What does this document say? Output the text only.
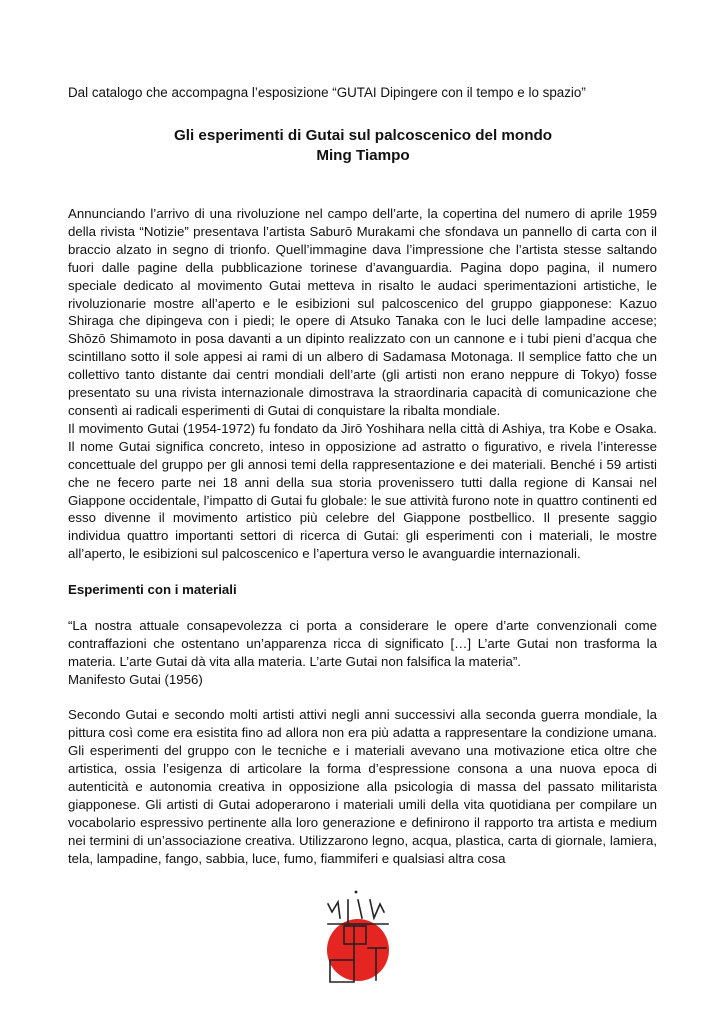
Dal catalogo che accompagna l’esposizione “GUTAI Dipingere con il tempo e lo spazio”
Gli esperimenti di Gutai sul palcoscenico del mondo
Ming Tiampo

Annunciando l’arrivo di una rivoluzione nel campo dell’arte, la copertina del numero di aprile 1959 della rivista “Notizie” presentava l’artista Saburō Murakami che sfondava un pannello di carta con il braccio alzato in segno di trionfo. Quell’immagine dava l’impressione che l’artista stesse saltando fuori dalle pagine della pubblicazione torinese d’avanguardia. Pagina dopo pagina, il numero speciale dedicato al movimento Gutai metteva in risalto le audaci sperimentazioni artistiche, le rivoluzionarie mostre all’aperto e le esibizioni sul palcoscenico del gruppo giapponese: Kazuo Shiraga che dipingeva con i piedi; le opere di Atsuko Tanaka con le luci delle lampadine accese; Shōzō Shimamoto in posa davanti a un dipinto realizzato con un cannone e i tubi pieni d’acqua che scintillano sotto il sole appesi ai rami di un albero di Sadamasa Motonaga. Il semplice fatto che un collettivo tanto distante dai centri mondiali dell’arte (gli artisti non erano neppure di Tokyo) fosse presentato su una rivista internazionale dimostrava la straordinaria capacità di comunicazione che consentì ai radicali esperimenti di Gutai di conquistare la ribalta mondiale.

Il movimento Gutai (1954-1972) fu fondato da Jirō Yoshihara nella città di Ashiya, tra Kobe e Osaka. Il nome Gutai significa concreto, inteso in opposizione ad astratto o figurativo, e rivela l’interesse concettuale del gruppo per gli annosi temi della rappresentazione e dei materiali. Benché i 59 artisti che ne fecero parte nei 18 anni della sua storia provenissero tutti dalla regione di Kansai nel Giappone occidentale, l’impatto di Gutai fu globale: le sue attività furono note in quattro continenti ed esso divenne il movimento artistico più celebre del Giappone postbellico. Il presente saggio individua quattro importanti settori di ricerca di Gutai: gli esperimenti con i materiali, le mostre all’aperto, le esibizioni sul palcoscenico e l’apertura verso le avanguardie internazionali.

Esperimenti con i materiali

“La nostra attuale consapevolezza ci porta a considerare le opere d’arte convenzionali come contraffazioni che ostentano un’apparenza ricca di significato […] L’arte Gutai non trasforma la materia. L’arte Gutai dà vita alla materia. L’arte Gutai non falsifica la materia”.

Manifesto Gutai (1956)

Secondo Gutai e secondo molti artisti attivi negli anni successivi alla seconda guerra mondiale, la pittura così come era esistita fino ad allora non era più adatta a rappresentare la condizione umana. Gli esperimenti del gruppo con le tecniche e i materiali avevano una motivazione etica oltre che artistica, ossia l’esigenza di articolare la forma d’espressione consona a una nuova epoca di autenticità e autonomia creativa in opposizione alla psicologia di massa del passato militarista giapponese. Gli artisti di Gutai adoperarono i materiali umili della vita quotidiana per compilare un vocabolario espressivo pertinente alla loro generazione e definirono il rapporto tra artista e medium nei termini di un’associazione creativa. Utilizzarono legno, acqua, plastica, carta di giornale, lamiera, tela, lampadine, fango, sabbia, luce, fumo, fiammiferi e qualsiasi altra cosa
